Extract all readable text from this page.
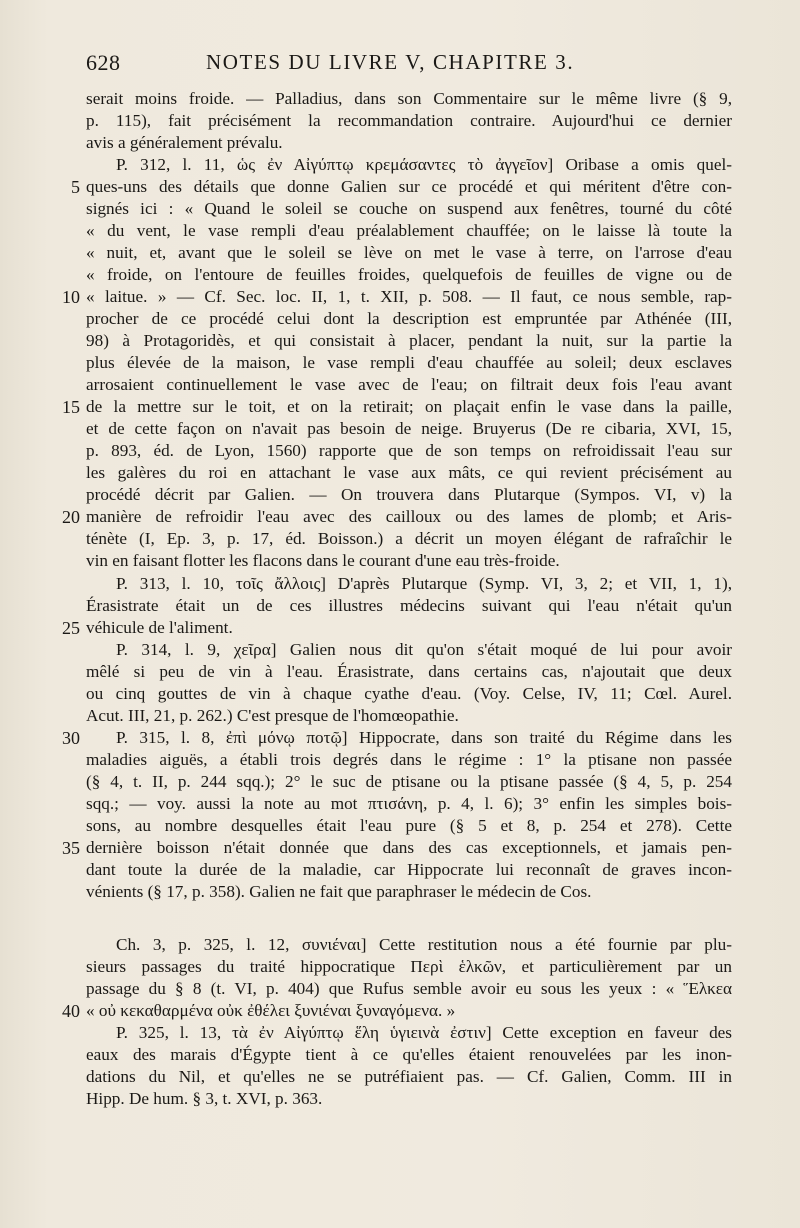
628	NOTES DU LIVRE V, CHAPITRE 3.
serait moins froide. — Palladius, dans son Commentaire sur le même livre (§ 9,
p. 115), fait précisément la recommandation contraire. Aujourd'hui ce dernier
avis a généralement prévalu.
P. 312, l. 11, ὡς ἐν Αἰγύπτῳ κρεμάσαντες τὸ ἀγγεῖον] Oribase a omis quel-
ques-uns des détails que donne Galien sur ce procédé et qui méritent d'être con-
signés ici : « Quand le soleil se couche on suspend aux fenêtres, tourné du côté
« du vent, le vase rempli d'eau préalablement chauffée; on le laisse là toute la
« nuit, et, avant que le soleil se lève on met le vase à terre, on l'arrose d'eau
« froide, on l'entoure de feuilles froides, quelquefois de feuilles de vigne ou de
« laitue. » — Cf. Sec. loc. II, 1, t. XII, p. 508. — Il faut, ce nous semble, rap-
procher de ce procédé celui dont la description est empruntée par Athénée (III,
98) à Protagoridès, et qui consistait à placer, pendant la nuit, sur la partie la
plus élevée de la maison, le vase rempli d'eau chauffée au soleil; deux esclaves
arrosaient continuellement le vase avec de l'eau; on filtrait deux fois l'eau avant
de la mettre sur le toit, et on la retirait; on plaçait enfin le vase dans la paille,
et de cette façon on n'avait pas besoin de neige. Bruyerus (De re cibaria, XVI, 15,
p. 893, éd. de Lyon, 1560) rapporte que de son temps on refroidissait l'eau sur
les galères du roi en attachant le vase aux mâts, ce qui revient précisément au
procédé décrit par Galien. — On trouvera dans Plutarque (Sympos. VI, v) la
manière de refroidir l'eau avec des cailloux ou des lames de plomb; et Aris-
ténète (I, Ep. 3, p. 17, éd. Boisson.) a décrit un moyen élégant de rafraîchir le
vin en faisant flotter les flacons dans le courant d'une eau très-froide.
P. 313, l. 10, τοῖς ἄλλοις] D'après Plutarque (Symp. VI, 3, 2; et VII, 1, 1),
Érasistrate était un de ces illustres médecins suivant qui l'eau n'était qu'un
véhicule de l'aliment.
P. 314, l. 9, χεῖρα] Galien nous dit qu'on s'était moqué de lui pour avoir
mêlé si peu de vin à l'eau. Érasistrate, dans certains cas, n'ajoutait que deux
ou cinq gouttes de vin à chaque cyathe d'eau. (Voy. Celse, IV, 11; Cœl. Aurel.
Acut. III, 21, p. 262.) C'est presque de l'homœopathie.
P. 315, l. 8, ἐπὶ μόνῳ ποτῷ] Hippocrate, dans son traité du Régime dans les
maladies aiguës, a établi trois degrés dans le régime : 1° la ptisane non passée
(§ 4, t. II, p. 244 sqq.); 2° le suc de ptisane ou la ptisane passée (§ 4, 5, p. 254
sqq.; — voy. aussi la note au mot πτισάνη, p. 4, l. 6); 3° enfin les simples bois-
sons, au nombre desquelles était l'eau pure (§ 5 et 8, p. 254 et 278). Cette
dernière boisson n'était donnée que dans des cas exceptionnels, et jamais pen-
dant toute la durée de la maladie, car Hippocrate lui reconnaît de graves incon-
vénients (§ 17, p. 358). Galien ne fait que paraphraser le médecin de Cos.
Ch. 3, p. 325, l. 12, συνιέναι] Cette restitution nous a été fournie par plu-
sieurs passages du traité hippocratique Περὶ ἑλκῶν, et particulièrement par un
passage du § 8 (t. VI, p. 404) que Rufus semble avoir eu sous les yeux : « Ἕλκεα
« οὐ κεκαθαρμένα οὐκ ἐθέλει ξυνιέναι ξυναγόμενα. »
P. 325, l. 13, τὰ ἐν Αἰγύπτῳ ἕλη ὑγιεινὰ ἐστιν] Cette exception en faveur des
eaux des marais d'Égypte tient à ce qu'elles étaient renouvelées par les inon-
dations du Nil, et qu'elles ne se putréfiaient pas. — Cf. Galien, Comm. III in
Hipp. De hum. § 3, t. XVI, p. 363.
5
10
15
20
25
30
35
40
